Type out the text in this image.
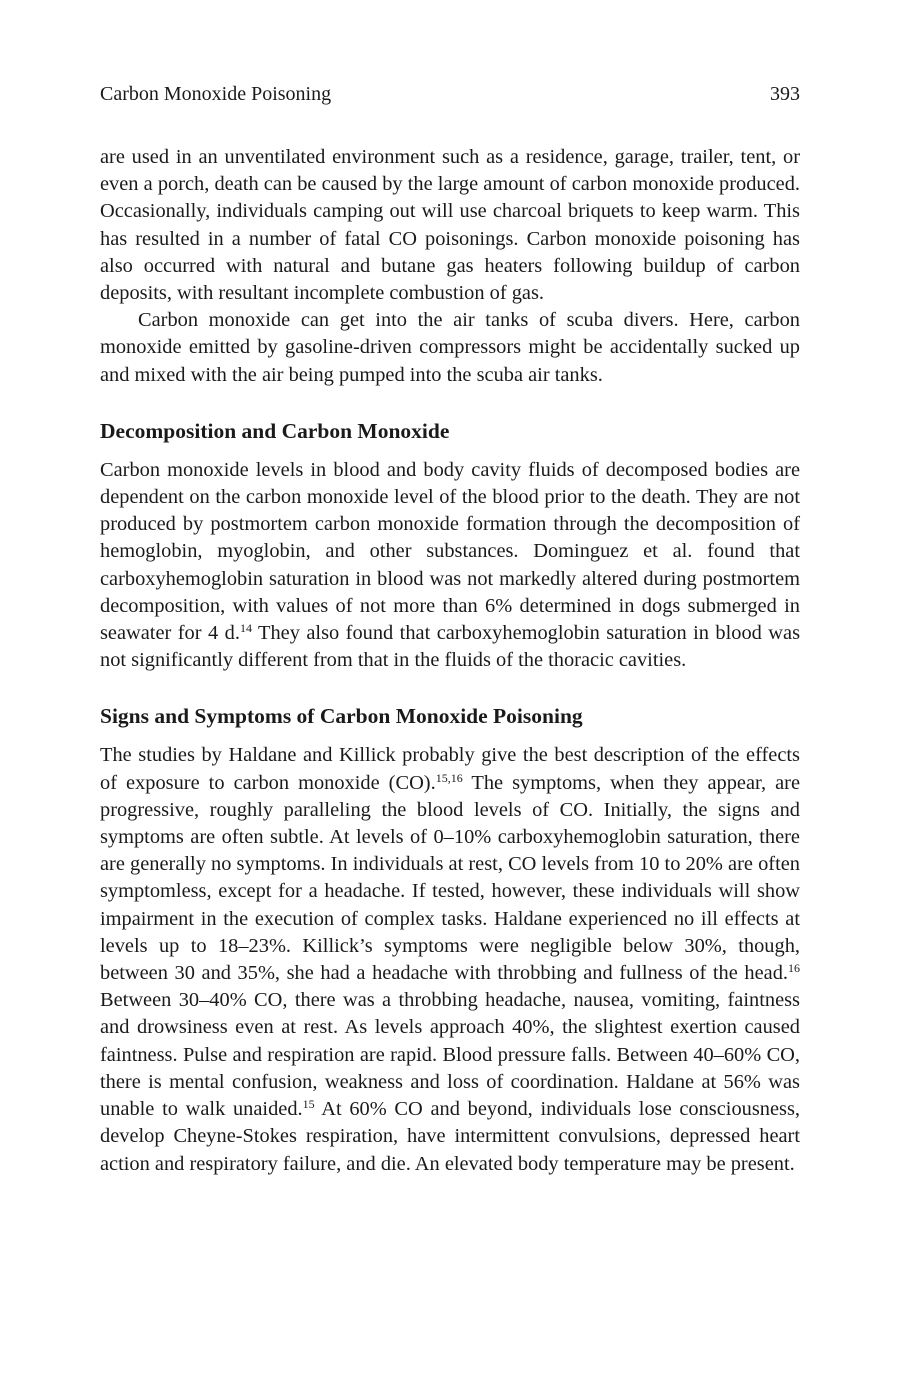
Carbon Monoxide Poisoning	393

are used in an unventilated environment such as a residence, garage, trailer, tent, or even a porch, death can be caused by the large amount of carbon monoxide produced. Occasionally, individuals camping out will use charcoal briquets to keep warm. This has resulted in a number of fatal CO poisonings. Carbon monoxide poisoning has also occurred with natural and butane gas heaters following buildup of carbon deposits, with resultant incomplete combustion of gas.

Carbon monoxide can get into the air tanks of scuba divers. Here, carbon monoxide emitted by gasoline-driven compressors might be accidentally sucked up and mixed with the air being pumped into the scuba air tanks.

Decomposition and Carbon Monoxide

Carbon monoxide levels in blood and body cavity fluids of decomposed bodies are dependent on the carbon monoxide level of the blood prior to the death. They are not produced by postmortem carbon monoxide formation through the decomposition of hemoglobin, myoglobin, and other substances. Dominguez et al. found that carboxyhemoglobin saturation in blood was not markedly altered during postmortem decomposition, with values of not more than 6% determined in dogs submerged in seawater for 4 d.$^{14}$ They also found that carboxyhemoglobin saturation in blood was not significantly different from that in the fluids of the thoracic cavities.

Signs and Symptoms of Carbon Monoxide Poisoning

The studies by Haldane and Killick probably give the best description of the effects of exposure to carbon monoxide (CO).$^{15,16}$ The symptoms, when they appear, are progressive, roughly paralleling the blood levels of CO. Initially, the signs and symptoms are often subtle. At levels of 0–10% carboxyhemoglobin saturation, there are generally no symptoms. In individuals at rest, CO levels from 10 to 20% are often symptomless, except for a headache. If tested, however, these individuals will show impairment in the execution of complex tasks. Haldane experienced no ill effects at levels up to 18–23%. Killick’s symptoms were negligible below 30%, though, between 30 and 35%, she had a headache with throbbing and fullness of the head.$^{16}$ Between 30–40% CO, there was a throbbing headache, nausea, vomiting, faintness and drowsiness even at rest. As levels approach 40%, the slightest exertion caused faintness. Pulse and respiration are rapid. Blood pressure falls. Between 40–60% CO, there is mental confusion, weakness and loss of coordination. Haldane at 56% was unable to walk unaided.$^{15}$ At 60% CO and beyond, individuals lose consciousness, develop Cheyne-Stokes respiration, have intermittent convulsions, depressed heart action and respiratory failure, and die. An elevated body temperature may be present.
